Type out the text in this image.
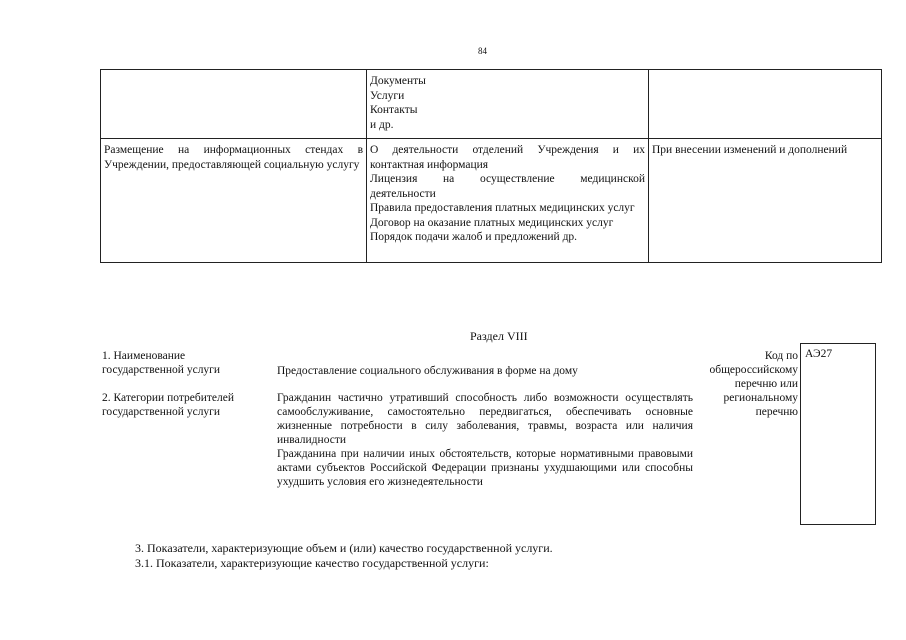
84

	Документы
Услуги
Контакты
и др.	

Размещение на информационных стендах в Учреждении, предоставляющей социальную услугу	О деятельности отделений Учреждения и их контактная информация
Лицензия на осуществление медицинской деятельности
Правила предоставления платных медицинских услуг
Договор на оказание платных медицинских услуг
Порядок подачи жалоб и предложений др.	При внесении изменений и дополнений
Раздел VIII
1. Наименование государственной услуги	Предоставление социального обслуживания в форме на дому
2. Категории потребителей государственной услуги
Гражданин частично утративший способность либо возможности осуществлять самообслуживание, самостоятельно передвигаться, обеспечивать основные жизненные потребности в силу заболевания, травмы, возраста или наличия инвалидности
Гражданина при наличии иных обстоятельств, которые нормативными правовыми актами субъектов Российской Федерации признаны ухудшающими или способны ухудшить условия его жизнедеятельности
Код по общероссийскому перечню или региональному перечню
АЭ27
3. Показатели, характеризующие объем и (или) качество государственной услуги.
3.1. Показатели, характеризующие качество государственной услуги:
